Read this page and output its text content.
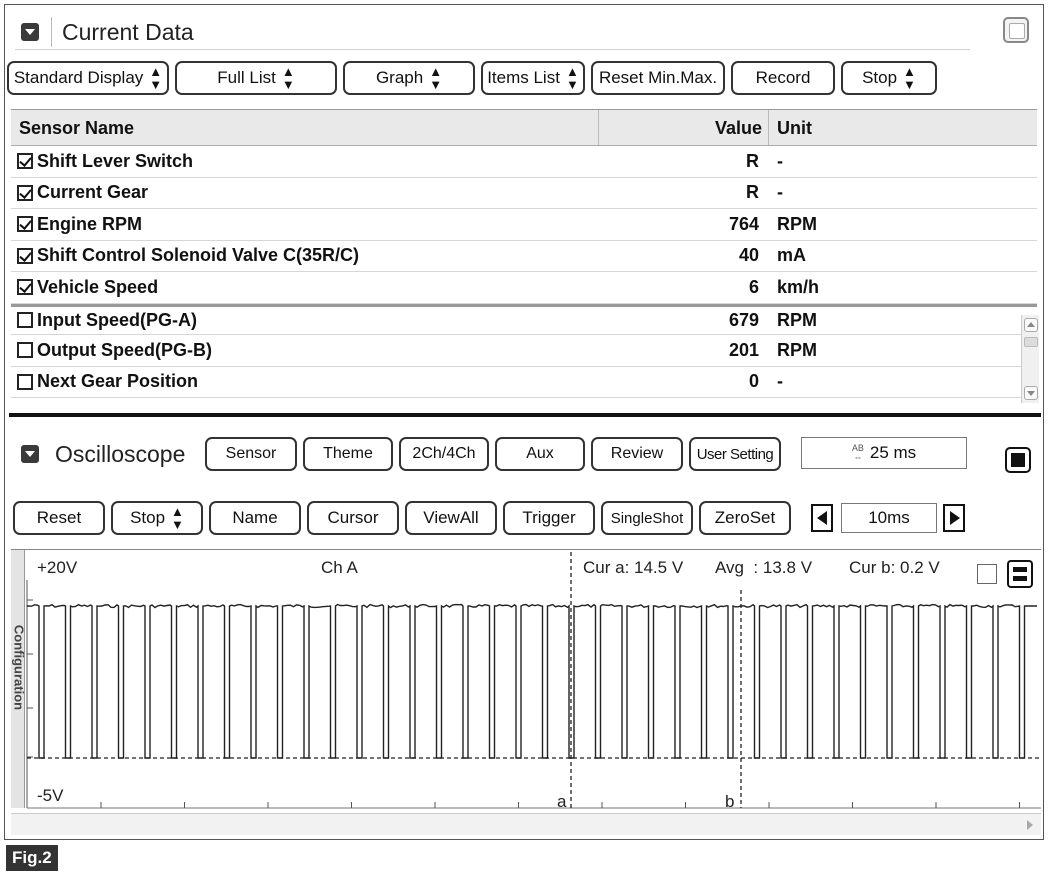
Current Data
Standard Display ▲
▼	Full List ▲
▼	Graph ▲
▼	Items List ▲
▼ Reset Min.Max. Record	Stop ▲
▼
Sensor Name	Value Unit
Shift Lever Switch	R	-
Current Gear	R	-
Engine RPM	764	RPM
Shift Control Solenoid Valve C(35R/C)	40	mA
Vehicle Speed	6	km/h
Input Speed(PG-A)	679	RPM
Output Speed(PG-B)	201	RPM
Next Gear Position	0	-
Oscilloscope	Sensor	Theme	2Ch/4Ch	Aux	Review	User Setting	AB
⇔ 25 ms
Reset	Stop ▲
▼	Name	Cursor	ViewAll	Trigger	SingleShot	ZeroSet	10ms
Configuration
+20V	Ch A	Cur a: 14.5 V Avg  : 13.8 V Cur b: 0.2 V
-5V	a	b
Fig.2
